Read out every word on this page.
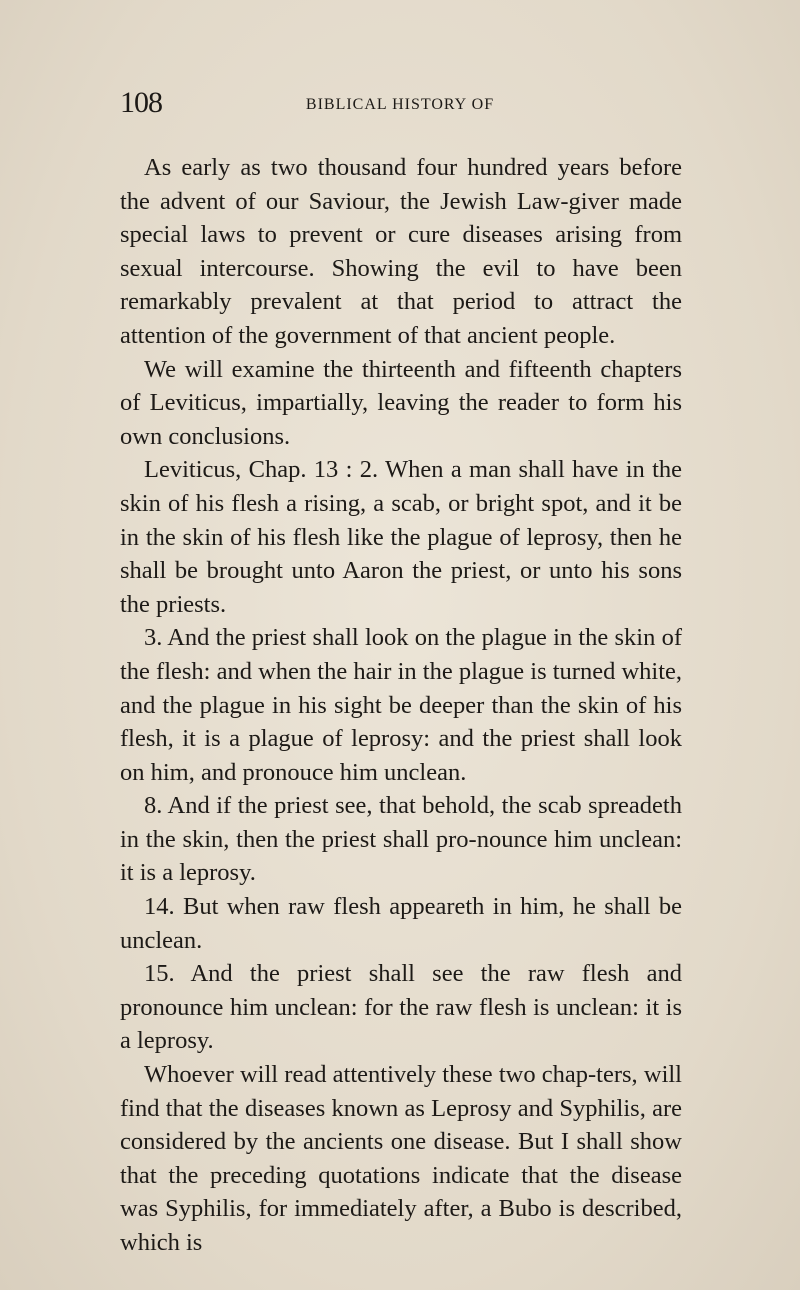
108	BIBLICAL HISTORY OF

As early as two thousand four hundred years before the advent of our Saviour, the Jewish Law-giver made special laws to prevent or cure diseases arising from sexual intercourse. Showing the evil to have been remarkably prevalent at that period to attract the attention of the government of that ancient people.

We will examine the thirteenth and fifteenth chapters of Leviticus, impartially, leaving the reader to form his own conclusions.

Leviticus, Chap. 13 : 2. When a man shall have in the skin of his flesh a rising, a scab, or bright spot, and it be in the skin of his flesh like the plague of leprosy, then he shall be brought unto Aaron the priest, or unto his sons the priests.

3. And the priest shall look on the plague in the skin of the flesh: and when the hair in the plague is turned white, and the plague in his sight be deeper than the skin of his flesh, it is a plague of leprosy: and the priest shall look on him, and pronouce him unclean.

8. And if the priest see, that behold, the scab spreadeth in the skin, then the priest shall pro-nounce him unclean: it is a leprosy.

14. But when raw flesh appeareth in him, he shall be unclean.

15. And the priest shall see the raw flesh and pronounce him unclean: for the raw flesh is unclean: it is a leprosy.

Whoever will read attentively these two chap-ters, will find that the diseases known as Leprosy and Syphilis, are considered by the ancients one disease. But I shall show that the preceding quotations indicate that the disease was Syphilis, for immediately after, a Bubo is described, which is
